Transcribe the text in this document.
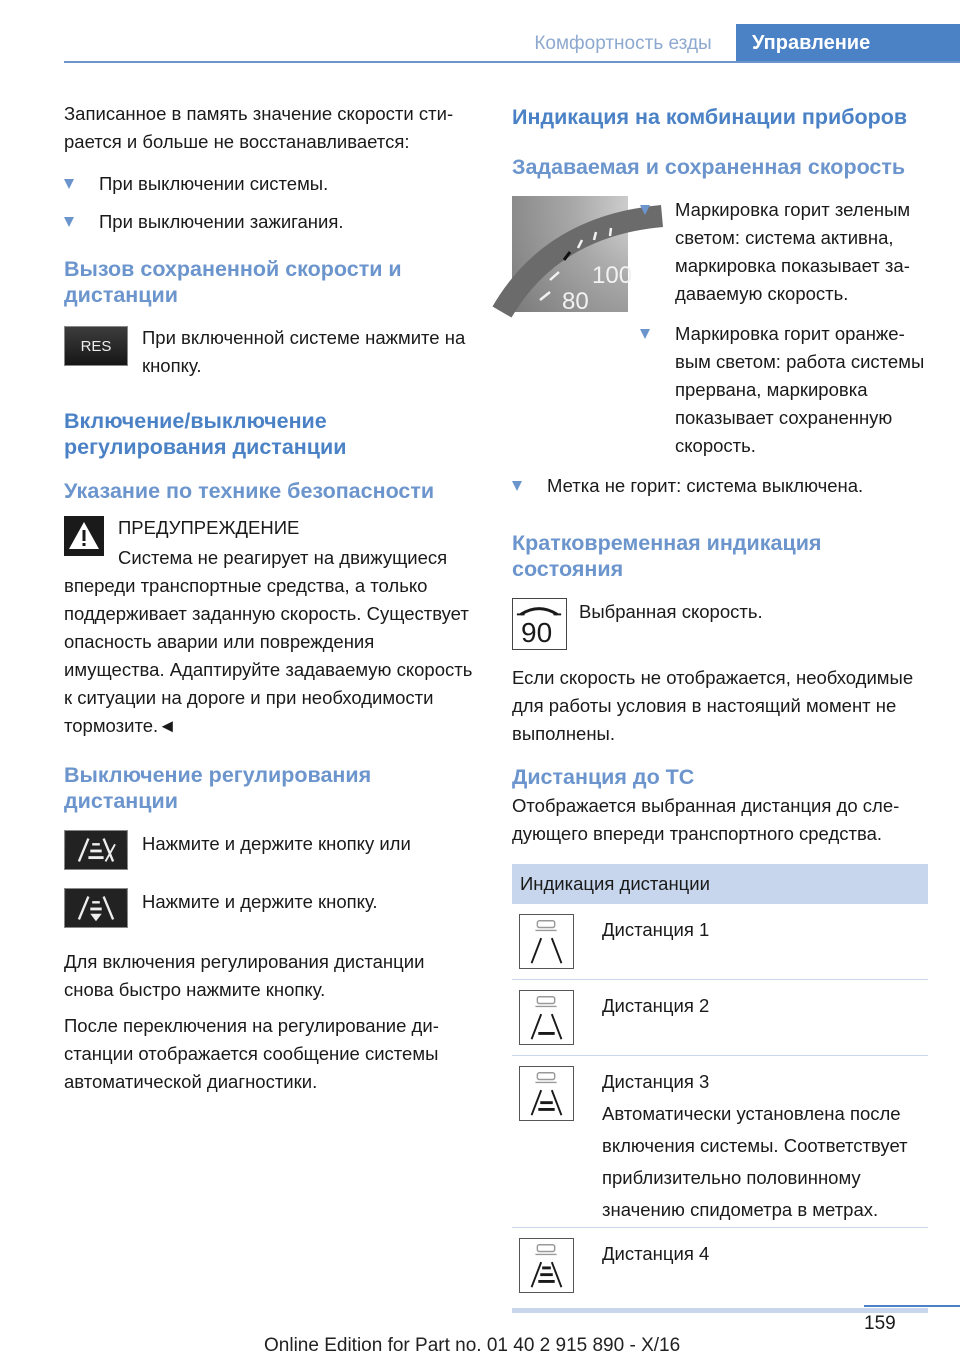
Комфортность езды	Управление

Записанное в память значение скорости стирается и больше не восстанавливается:

При выключении системы.
При выключении зажигания.
Вызов сохраненной скорости и дистанции
RES При включенной системе нажмите на кнопку.
Включение/выключение регулирования дистанции
Указание по технике безопасности
ПРЕДУПРЕЖДЕНИЕ
Система не реагирует на движущиеся

впереди транспортные средства, а только поддерживает заданную скорость. Существует опасность аварии или повреждения имущества. Адаптируйте задаваемую скорость к ситуации на дороге и при необходимости тормозите.◄

Выключение регулирования дистанции
Нажмите и держите кнопку или
Нажмите и держите кнопку.

Для включения регулирования дистанции снова быстро нажмите кнопку.

После переключения на регулирование дистанции отображается сообщение системы автоматической диагностики.

Индикация на комбинации приборов
Задаваемая и сохраненная скорость
100
80
Маркировка горит зеленым светом: система активна, маркировка показывает задаваемую скорость.
Маркировка горит оранжевым светом: работа системы прервана, маркировка показывает сохраненную скорость.
Метка не горит: система выключена.
Кратковременная индикация состояния
90
Выбранная скорость.

Если скорость не отображается, необходимые для работы условия в настоящий момент не выполнены.

Дистанция до ТС

Отображается выбранная дистанция до следующего впереди транспортного средства.

Индикация дистанции
Дистанция 1
Дистанция 2
Дистанция 3
Автоматически установлена после включения системы. Соответствует приблизительно половинному значению спидометра в метрах.
Дистанция 4
159
Online Edition for Part no. 01 40 2 915 890 - X/16
